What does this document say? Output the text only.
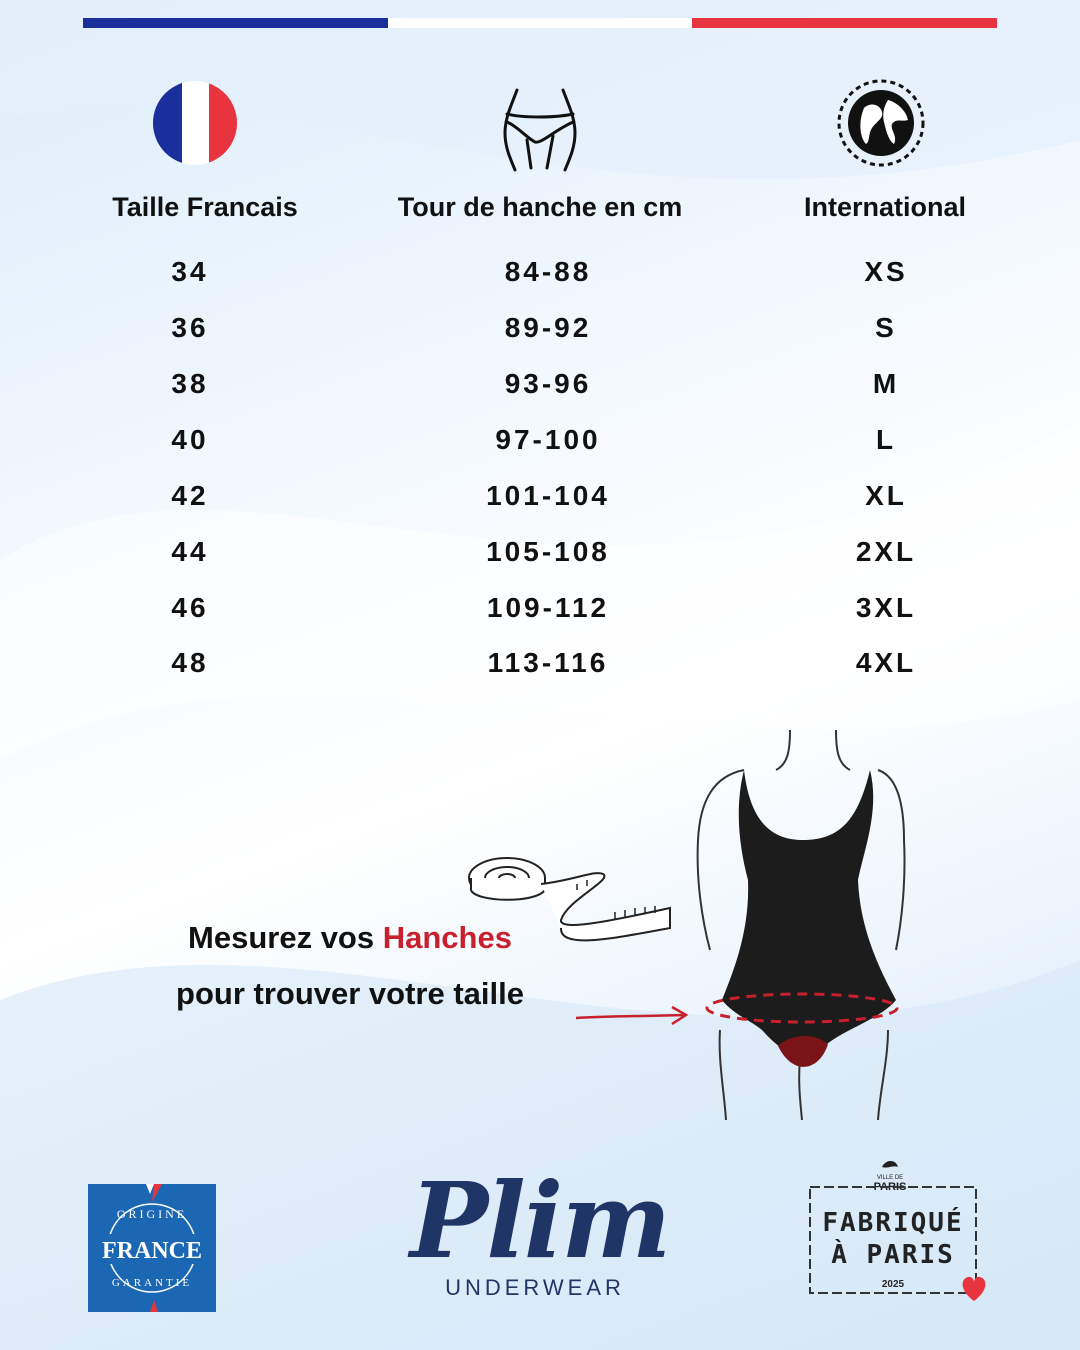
Taille Francais	Tour de hanche en cm	International
34	84-88	XS
36	89-92	S
38	93-96	M
40	97-100	L
42	101-104	XL
44	105-108	2XL
46	109-112	3XL
48	113-116	4XL
Mesurez vos Hanches
pour trouver votre taille
ORIGINE
FRANCE
GARANTIE
Plim
UNDERWEAR
VILLE DE
PARIS
FABRIQUÉ
À PARIS
2025
